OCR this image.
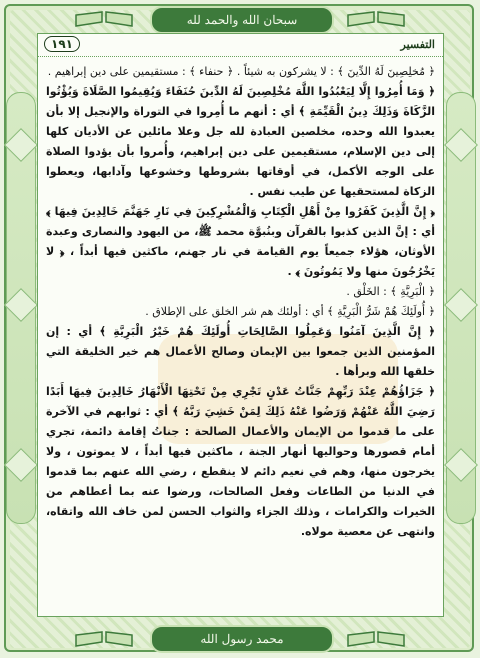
سبحان الله والحمد لله
محمد رسول الله
التفسير
١٩١

﴿ مُخلِصِينَ لَهُ الدِّينَ ﴾ : لا يشركون به شيئاً . ﴿ حنفاء ﴾ : مستقيمين على دين إبراهيم .

﴿ وَمَا أُمِرُوا إِلَّا لِيَعْبُدُوا اللَّهَ مُخْلِصِينَ لَهُ الدِّينَ حُنَفَاءَ وَيُقِيمُوا الصَّلَاةَ وَيُؤْتُوا الزَّكَاةَ وَذَلِكَ دِينُ الْقَيِّمَةِ ﴾ أي : أنهم ما أُمِروا في التوراة والإنجيل إلا بأن يعبدوا الله وحده، مخلصين العبادة لله جل وعلا مائلين عن الأديان كلها إلى دين الإسلام، مستقيمين على دين إبراهيم، وأُمروا بأن يؤدوا الصلاة على الوجه الأكمل، في أوقاتها بشروطها وخشوعها وآدابها، ويعطوا الزكاة لمستحقيها عن طيب نفس .

﴿ إِنَّ الَّذِينَ كَفَرُوا مِنْ أَهْلِ الْكِتَابِ وَالْمُشْرِكِينَ فِي نَارِ جَهَنَّمَ خَالِدِينَ فِيهَا ﴾ أي : إنَّ الذين كذبوا بالقرآن وبنُبوَّة محمد ﷺ، من اليهود والنصارى وعبدة الأوثان، هؤلاء جميعاً يوم القيامة في نار جهنم، ماكثين فيها أبداً ، ﴿ لا يَخْرُجُونَ منها ولا يَمُوتُونَ ﴾ .

﴿ الْبَرِيَّةِ ﴾ : الخَلْق .

﴿ أُولَئِكَ هُمْ شَرُّ الْبَرِيَّةِ ﴾ أي : أولئك هم شر الخلق على الإطلاق .

﴿ إِنَّ الَّذِينَ آمَنُوا وَعَمِلُوا الصَّالِحَاتِ أُولَئِكَ هُمْ خَيْرُ الْبَرِيَّةِ ﴾ أي : إن المؤمنين الذين جمعوا بين الإيمان وصالح الأعمال هم خير الخليقة التي خلقها الله وبرأها .

﴿ جَزَاؤُهُمْ عِنْدَ رَبِّهِمْ جَنَّاتُ عَدْنٍ تَجْرِي مِنْ تَحْتِهَا الْأَنْهَارُ خَالِدِينَ فِيهَا أَبَدًا رَضِيَ اللَّهُ عَنْهُمْ وَرَضُوا عَنْهُ ذَلِكَ لِمَنْ خَشِيَ رَبَّهُ ﴾ أي : ثوابهم في الآخرة على ما قدموا من الإيمان والأعمال الصالحة : جناتُ إقامة دائمة، تجري أمام قصورها وحواليها أنهار الجنة ، ماكثين فيها أبداً ، لا يموتون ، ولا يخرجون منها، وهم في نعيم دائم لا ينقطع ، رضي الله عنهم بما قدموا في الدنيا من الطاعات وفعل الصالحات، ورضوا عنه بما أعطاهم من الخيرات والكرامات ، وذلك الجزاء والثواب الحسن لمن خاف الله واتقاه، وانتهى عن معصية مولاه.
